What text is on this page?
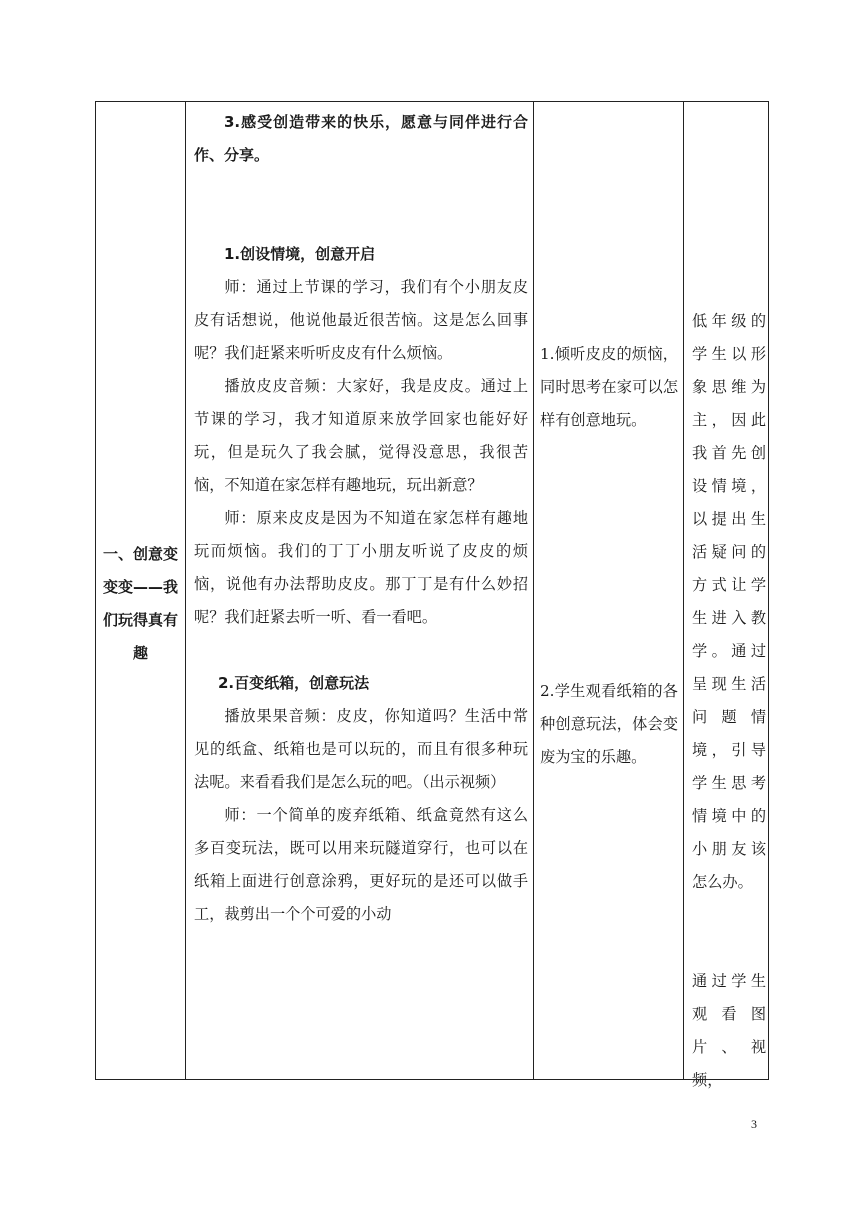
一、创意变变变——我们玩得真有趣

3.感受创造带来的快乐，愿意与同伴进行合作、分享。

1.创设情境，创意开启

师：通过上节课的学习，我们有个小朋友皮皮有话想说，他说他最近很苦恼。这是怎么回事呢？我们赶紧来听听皮皮有什么烦恼。

播放皮皮音频：大家好，我是皮皮。通过上节课的学习，我才知道原来放学回家也能好好玩，但是玩久了我会腻，觉得没意思，我很苦恼，不知道在家怎样有趣地玩，玩出新意？

师：原来皮皮是因为不知道在家怎样有趣地玩而烦恼。我们的丁丁小朋友听说了皮皮的烦恼，说他有办法帮助皮皮。那丁丁是有什么妙招呢？我们赶紧去听一听、看一看吧。

2.百变纸箱，创意玩法

播放果果音频：皮皮，你知道吗？生活中常见的纸盒、纸箱也是可以玩的，而且有很多种玩法呢。来看看我们是怎么玩的吧。（出示视频）

师：一个简单的废弃纸箱、纸盒竟然有这么多百变玩法，既可以用来玩隧道穿行，也可以在纸箱上面进行创意涂鸦，更好玩的是还可以做手工，裁剪出一个个可爱的小动

1.倾听皮皮的烦恼，同时思考在家可以怎样有创意地玩。

2.学生观看纸箱的各种创意玩法，体会变废为宝的乐趣。

低年级的学生以形象思维为主，因此我首先创设情境，以提出生活疑问的方式让学生进入教学。通过呈现生活问题情境，引导学生思考情境中的小朋友该怎么办。

通过学生观看图片、视频，

3
